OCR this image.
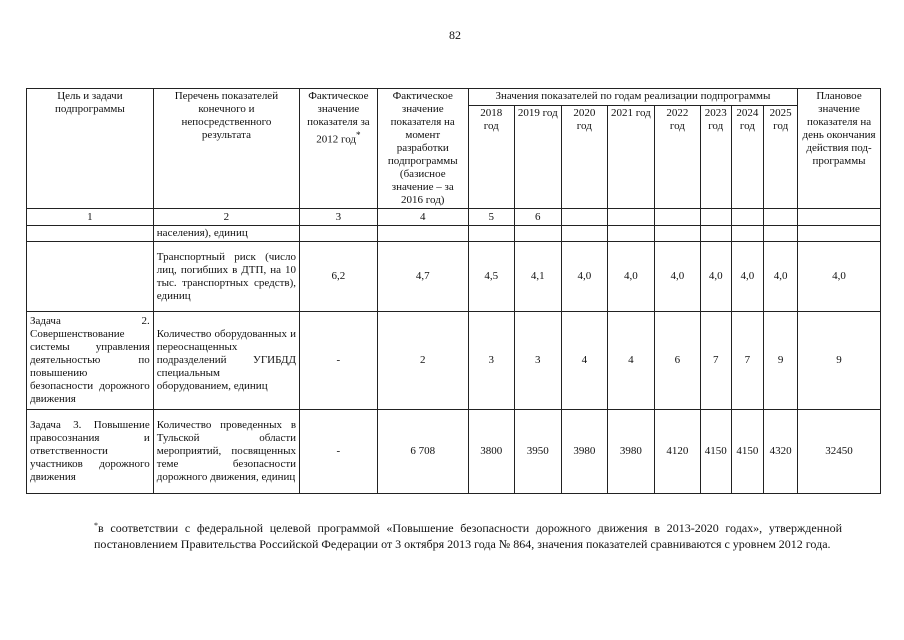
82
Цель и задачи подпрограммы	Перечень показателей конечного и непосредственного результата	Фактическое значение показателя за 2012 год*	Фактическое значение показателя на момент разработки подпрограммы (базисное значение – за 2016 год)	Значения показателей по годам реализации подпрограммы								Плановое значение показателя на день окончания действия под-программы
				2018 год	2019 год	2020 год	2021 год	2022 год	2023 год	2024 год	2025 год	
1	2	3	4	5	6							
	населения), единиц											
	Транспортный риск (число лиц, погибших в ДТП, на 10 тыс. транспортных средств), единиц	6,2	4,7	4,5	4,1	4,0	4,0	4,0	4,0	4,0	4,0	4,0
Задача 2. Совершенствование системы управления деятельностью по повышению безопасности дорожного движения	Количество оборудованных и переоснащенных подразделений УГИБДД специальным оборудованием, единиц	-	2	3	3	4	4	6	7	7	9	9
Задача 3. Повышение правосознания и ответственности участников дорожного движения	Количество проведенных в Тульской области мероприятий, посвященных теме безопасности дорожного движения, единиц	-	6 708	3800	3950	3980	3980	4120	4150	4150	4320	32450
*в соответствии с федеральной целевой программой «Повышение безопасности дорожного движения в 2013-2020 годах», утвержденной постановлением Правительства Российской Федерации от 3 октября 2013 года № 864, значения показателей сравниваются с уровнем 2012 года.
